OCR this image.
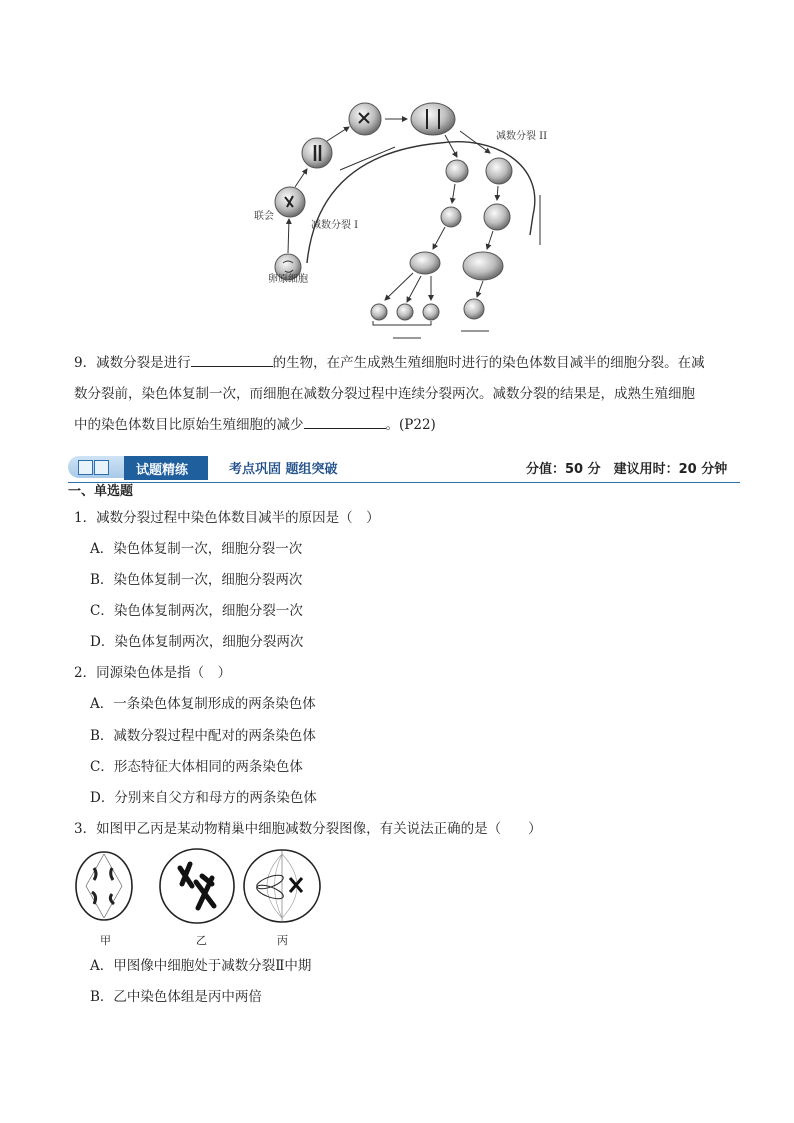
联会
减数分裂 I
减数分裂 II
卵原细胞
9．减数分裂是进行	的生物，在产生成熟生殖细胞时进行的染色体数目减半的细胞分裂。在减
数分裂前，染色体复制一次，而细胞在减数分裂过程中连续分裂两次。减数分裂的结果是，成熟生殖细胞
中的染色体数目比原始生殖细胞的减少	。(P22)
试题精练	考点巩固 题组突破	分值：50 分　建议用时：20 分钟
一、单选题
1．减数分裂过程中染色体数目减半的原因是（　）
A．染色体复制一次，细胞分裂一次
B．染色体复制一次，细胞分裂两次
C．染色体复制两次，细胞分裂一次
D．染色体复制两次，细胞分裂两次
2．同源染色体是指（　）
A．一条染色体复制形成的两条染色体
B．减数分裂过程中配对的两条染色体
C．形态特征大体相同的两条染色体
D．分别来自父方和母方的两条染色体
3．如图甲乙丙是某动物精巢中细胞减数分裂图像，有关说法正确的是（　　）
甲	乙	丙
A．甲图像中细胞处于减数分裂Ⅱ中期
B．乙中染色体组是丙中两倍
